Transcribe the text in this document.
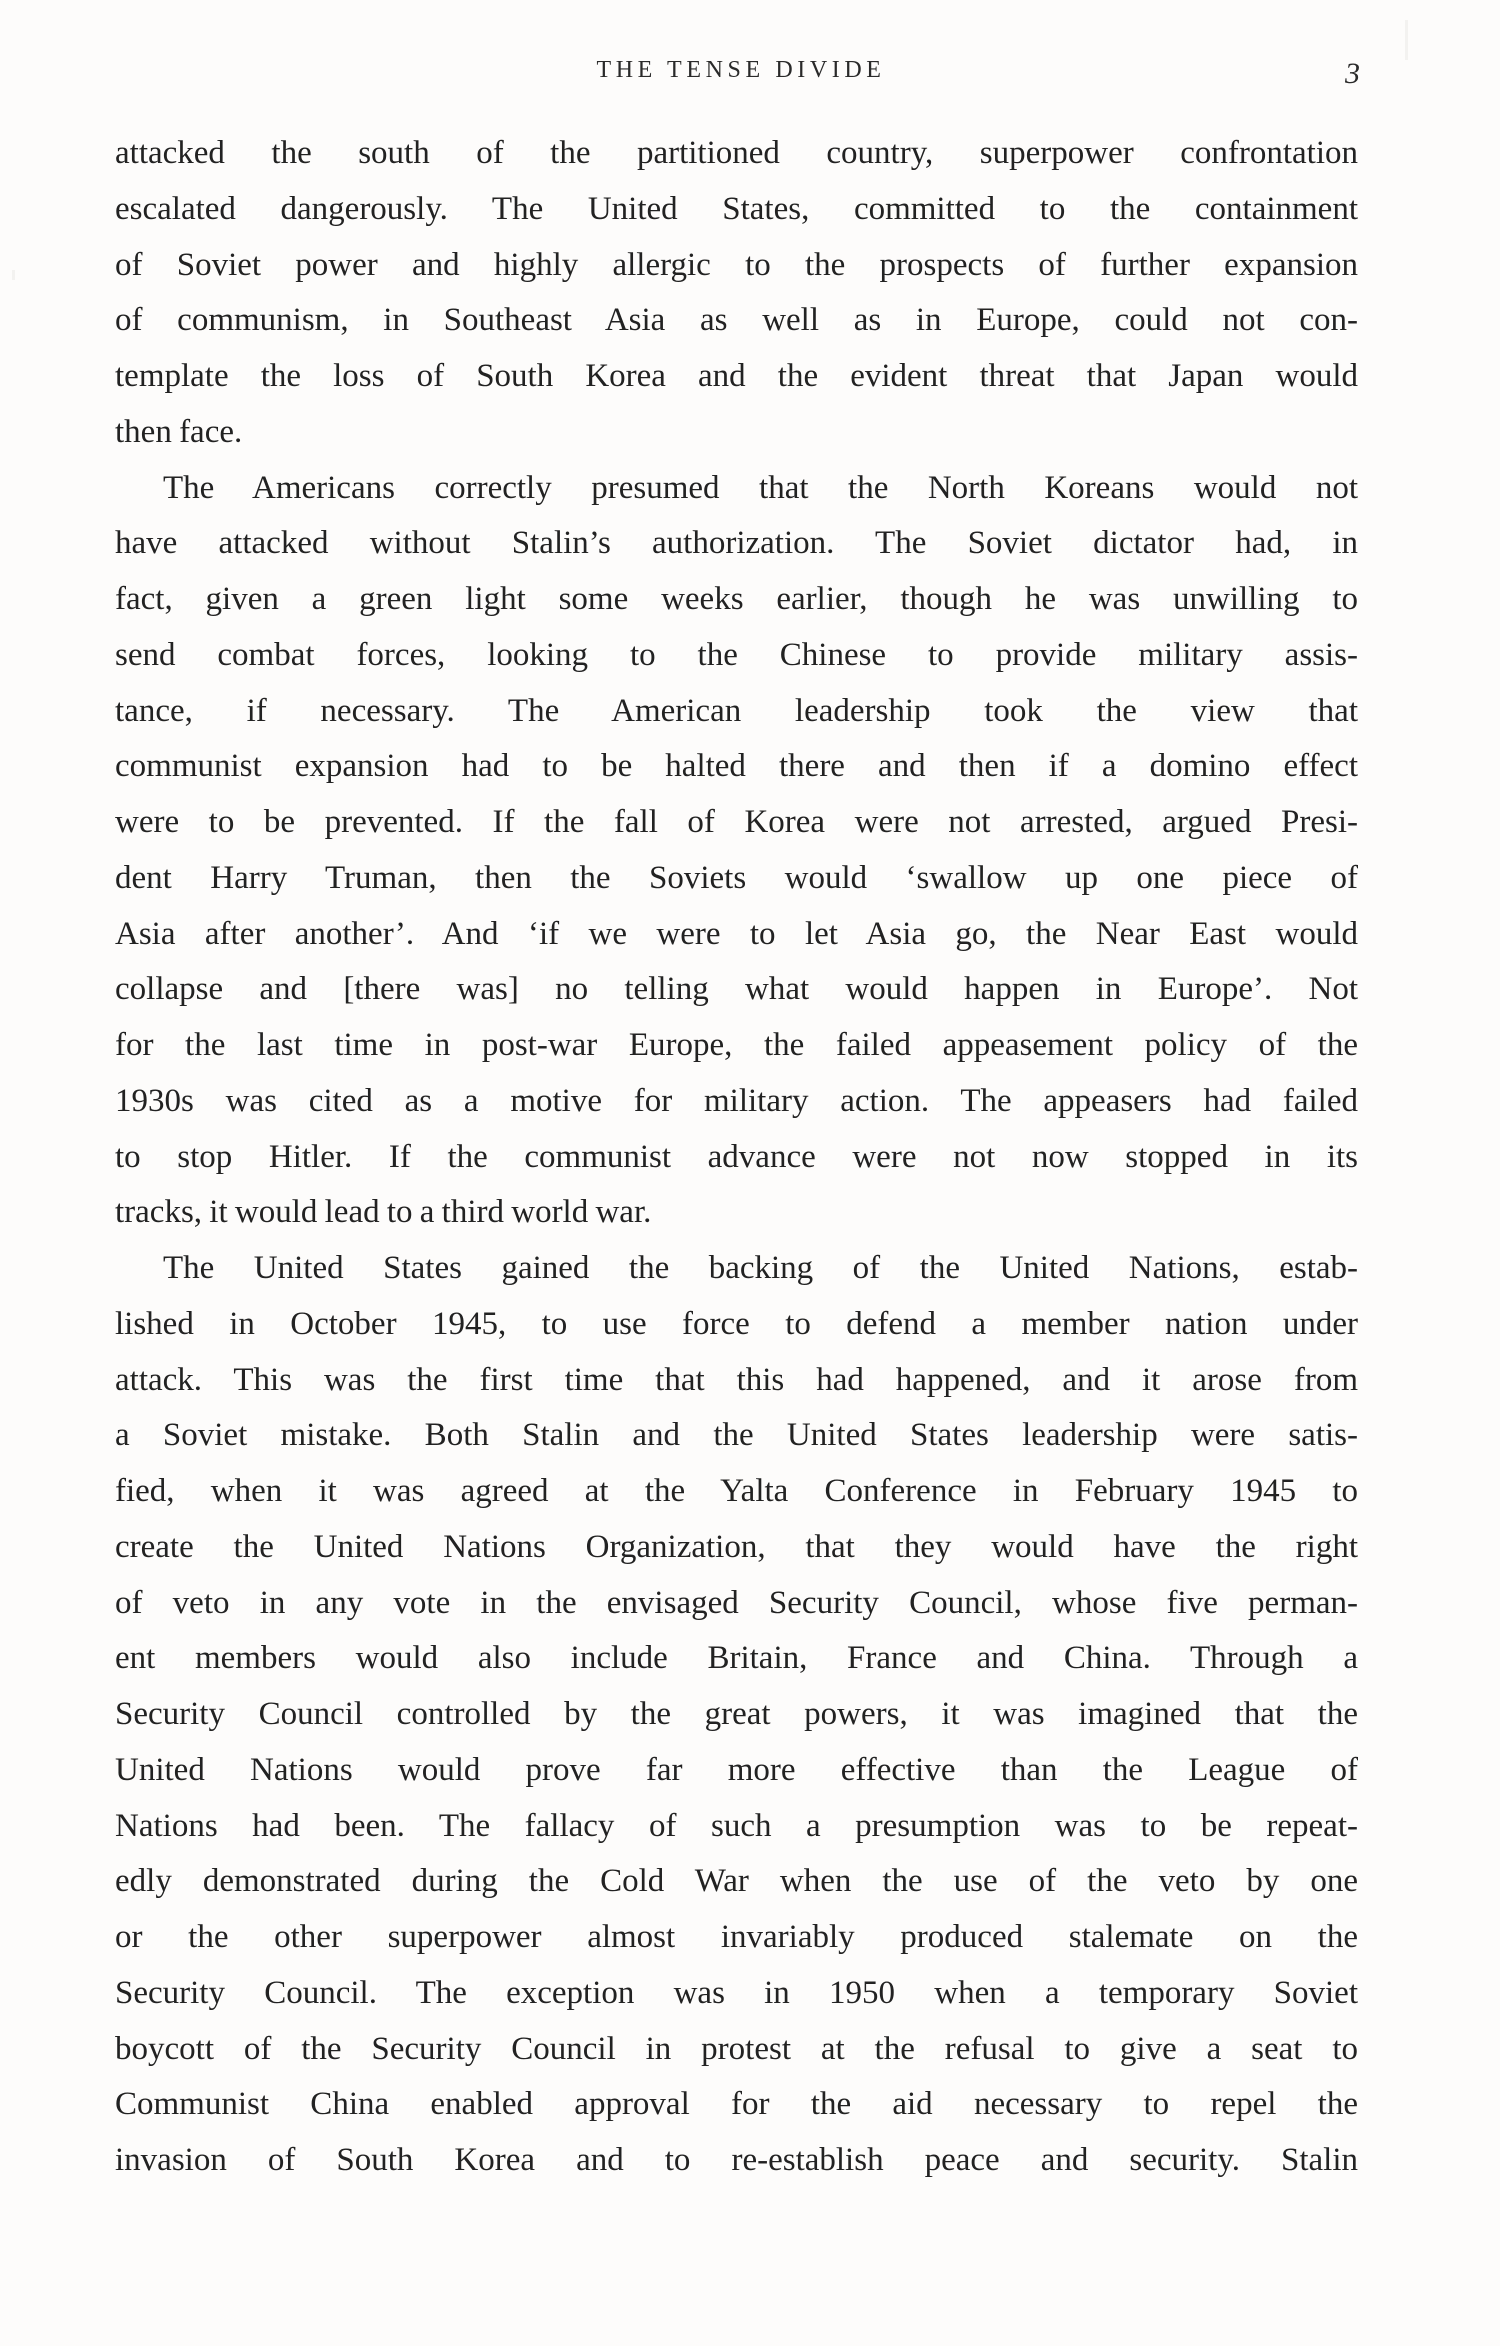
THE TENSE DIVIDE	3
attacked the south of the partitioned country, superpower confrontation
escalated dangerously. The United States, committed to the containment
of Soviet power and highly allergic to the prospects of further expansion
of communism, in Southeast Asia as well as in Europe, could not con-
template the loss of South Korea and the evident threat that Japan would
then face.
The Americans correctly presumed that the North Koreans would not
have attacked without Stalin’s authorization. The Soviet dictator had, in
fact, given a green light some weeks earlier, though he was unwilling to
send combat forces, looking to the Chinese to provide military assis-
tance, if necessary. The American leadership took the view that
communist expansion had to be halted there and then if a domino effect
were to be prevented. If the fall of Korea were not arrested, argued Presi-
dent Harry Truman, then the Soviets would ‘swallow up one piece of
Asia after another’. And ‘if we were to let Asia go, the Near East would
collapse and [there was] no telling what would happen in Europe’. Not
for the last time in post-war Europe, the failed appeasement policy of the
1930s was cited as a motive for military action. The appeasers had failed
to stop Hitler. If the communist advance were not now stopped in its
tracks, it would lead to a third world war.
The United States gained the backing of the United Nations, estab-
lished in October 1945, to use force to defend a member nation under
attack. This was the first time that this had happened, and it arose from
a Soviet mistake. Both Stalin and the United States leadership were satis-
fied, when it was agreed at the Yalta Conference in February 1945 to
create the United Nations Organization, that they would have the right
of veto in any vote in the envisaged Security Council, whose five perman-
ent members would also include Britain, France and China. Through a
Security Council controlled by the great powers, it was imagined that the
United Nations would prove far more effective than the League of
Nations had been. The fallacy of such a presumption was to be repeat-
edly demonstrated during the Cold War when the use of the veto by one
or the other superpower almost invariably produced stalemate on the
Security Council. The exception was in 1950 when a temporary Soviet
boycott of the Security Council in protest at the refusal to give a seat to
Communist China enabled approval for the aid necessary to repel the
invasion of South Korea and to re-establish peace and security. Stalin
